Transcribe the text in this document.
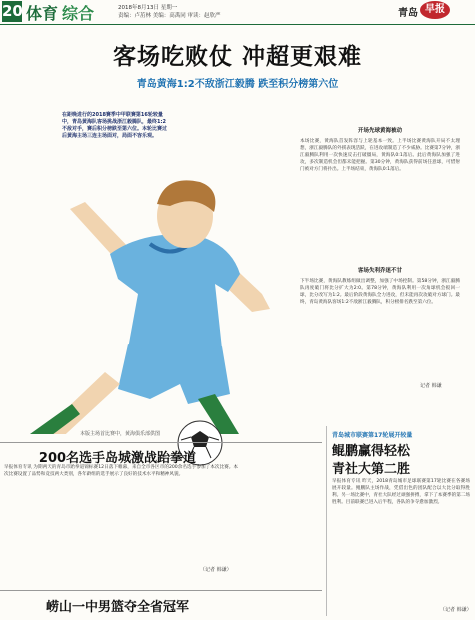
20 体育 综合	2018年8月13日 星期一
责编：卢茁林 美编：高禹同 审读：赵欣严	青岛 早报
客场吃败仗 冲超更艰难
青岛黄海1:2不敌浙江毅腾 跌至积分榜第六位
本版主场首比赛中，黄海俱乐部供图
在距晚进行的2018赛季中甲联赛第16轮较量中，青岛黄海队客场挑战浙江毅腾队，最终1:2不敌对手，赛后积分榜跌至第六位。本轮比赛过后黄海主场三连主场面对，局面不容乐观。
开场先球黄海被动
本场比赛，黄海队首发阵容与上轮基本一致。上半场比赛黄海队开局不太理想，浙江毅腾队的外援表现活跃，在进攻端制造了不少威胁。比赛第7分钟，浙江毅腾队利用一次快速反击打破僵局，黄海队0:1落后。此后黄海队加强了进攻，多次制造机会但都未能把握。第30分钟，黄海队获得前场任意球，可惜射门被对方门将扑出。上半场结束，黄海队0:1落后。
客场失利乔迷不甘
下半场比赛，黄海队教练组做出调整，加强了中场控制。第58分钟，浙江毅腾队再度破门将比分扩大为2:0。第78分钟，黄海队利用一次角球机会扳回一球，比分改写为1:2。最后阶段黄海队全力进攻，但未能再次攻破对方球门。最终，青岛黄海队客场1:2不敌浙江毅腾队，积分榜排名跌至第六位。
记者 韩谦
200名选手岛城激战跆拳道
早报体育专讯 为期两天的青岛市跆拳道锦标赛12日落下帷幕，来自全市各区市的200余名选手参加了本次比赛。本次比赛设置了品势和竞技两大类别，各年龄组的选手展示了良好的技术水平和精神风貌。
（记者 韩谦）
崂山一中男篮夺全省冠军
青岛城市联赛第17轮展开较量
鲲鹏赢得轻松
青社大第二胜
早报体育专讯 昨天，2018青岛城市足球联赛第17轮比赛在各赛场展开较量。鲲鹏队主场作战，凭借出色的团队配合以大比分取得胜利。另一场比赛中，青社大队经过顽强拼搏，拿下了本赛季的第二场胜利。目前联赛已进入后半程，各队的争夺愈加激烈。
（记者 韩谦）
